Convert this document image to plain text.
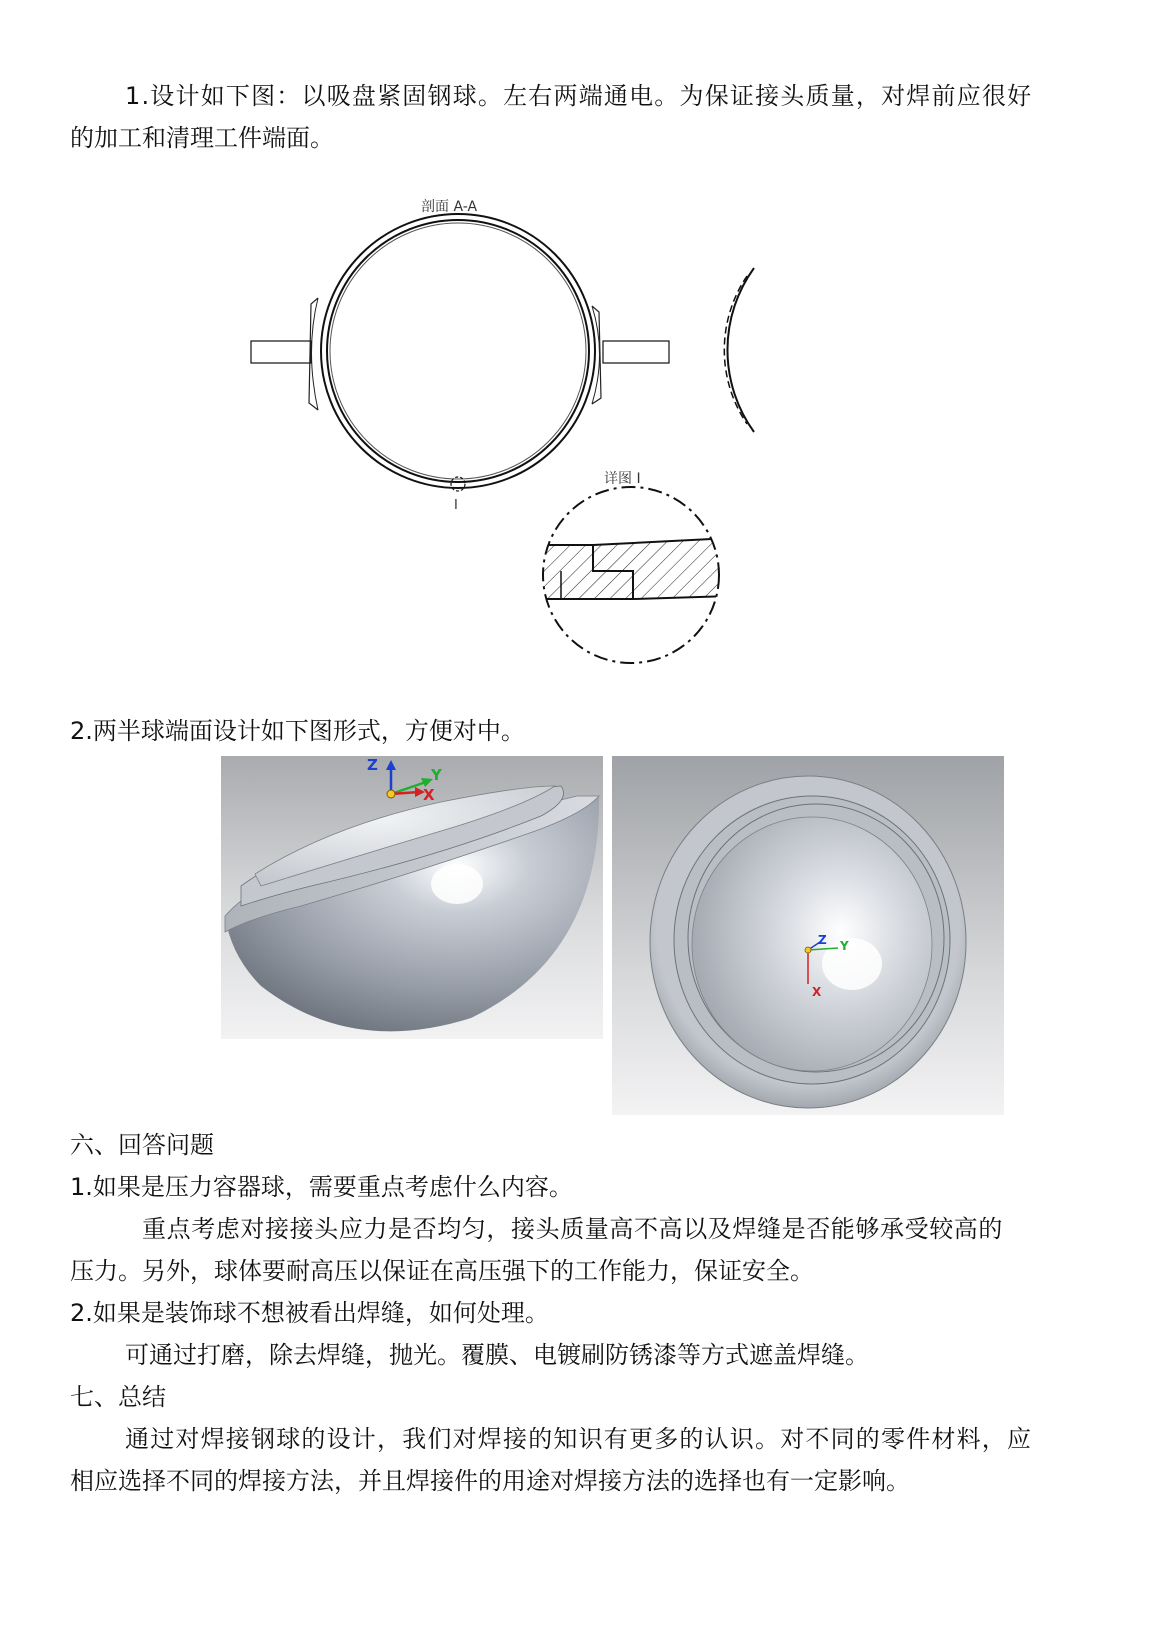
1.设计如下图：以吸盘紧固钢球。左右两端通电。为保证接头质量，对焊前应很好
的加工和清理工件端面。
剖面 A-A
I
详图 I
2.两半球端面设计如下图形式，方便对中。
Z
Y
X
Z Y
X
六、回答问题
1.如果是压力容器球，需要重点考虑什么内容。
重点考虑对接接头应力是否均匀，接头质量高不高以及焊缝是否能够承受较高的
压力。另外，球体要耐高压以保证在高压强下的工作能力，保证安全。
2.如果是装饰球不想被看出焊缝，如何处理。
可通过打磨，除去焊缝，抛光。覆膜、电镀刷防锈漆等方式遮盖焊缝。
七、总结
通过对焊接钢球的设计，我们对焊接的知识有更多的认识。对不同的零件材料，应
相应选择不同的焊接方法，并且焊接件的用途对焊接方法的选择也有一定影响。
